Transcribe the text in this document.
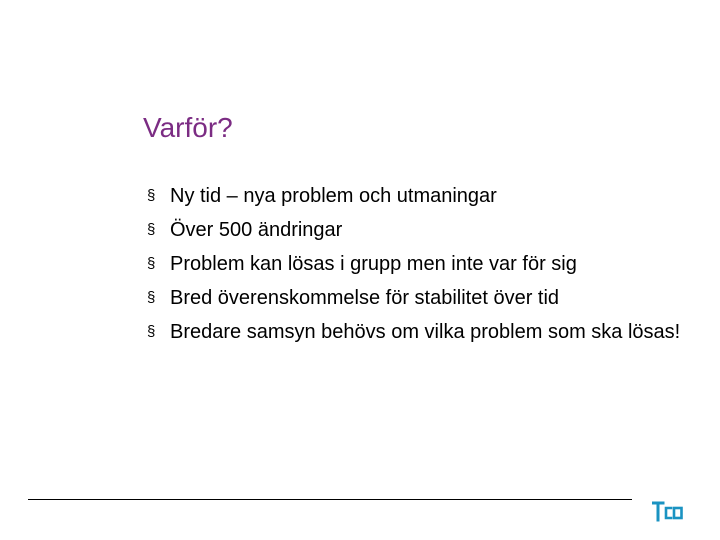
Varför?
§ Ny tid – nya problem och utmaningar
§ Över 500 ändringar
§ Problem kan lösas i grupp men inte var för sig
§ Bred överenskommelse för stabilitet över tid
§ Bredare samsyn behövs om vilka problem som ska lösas!
